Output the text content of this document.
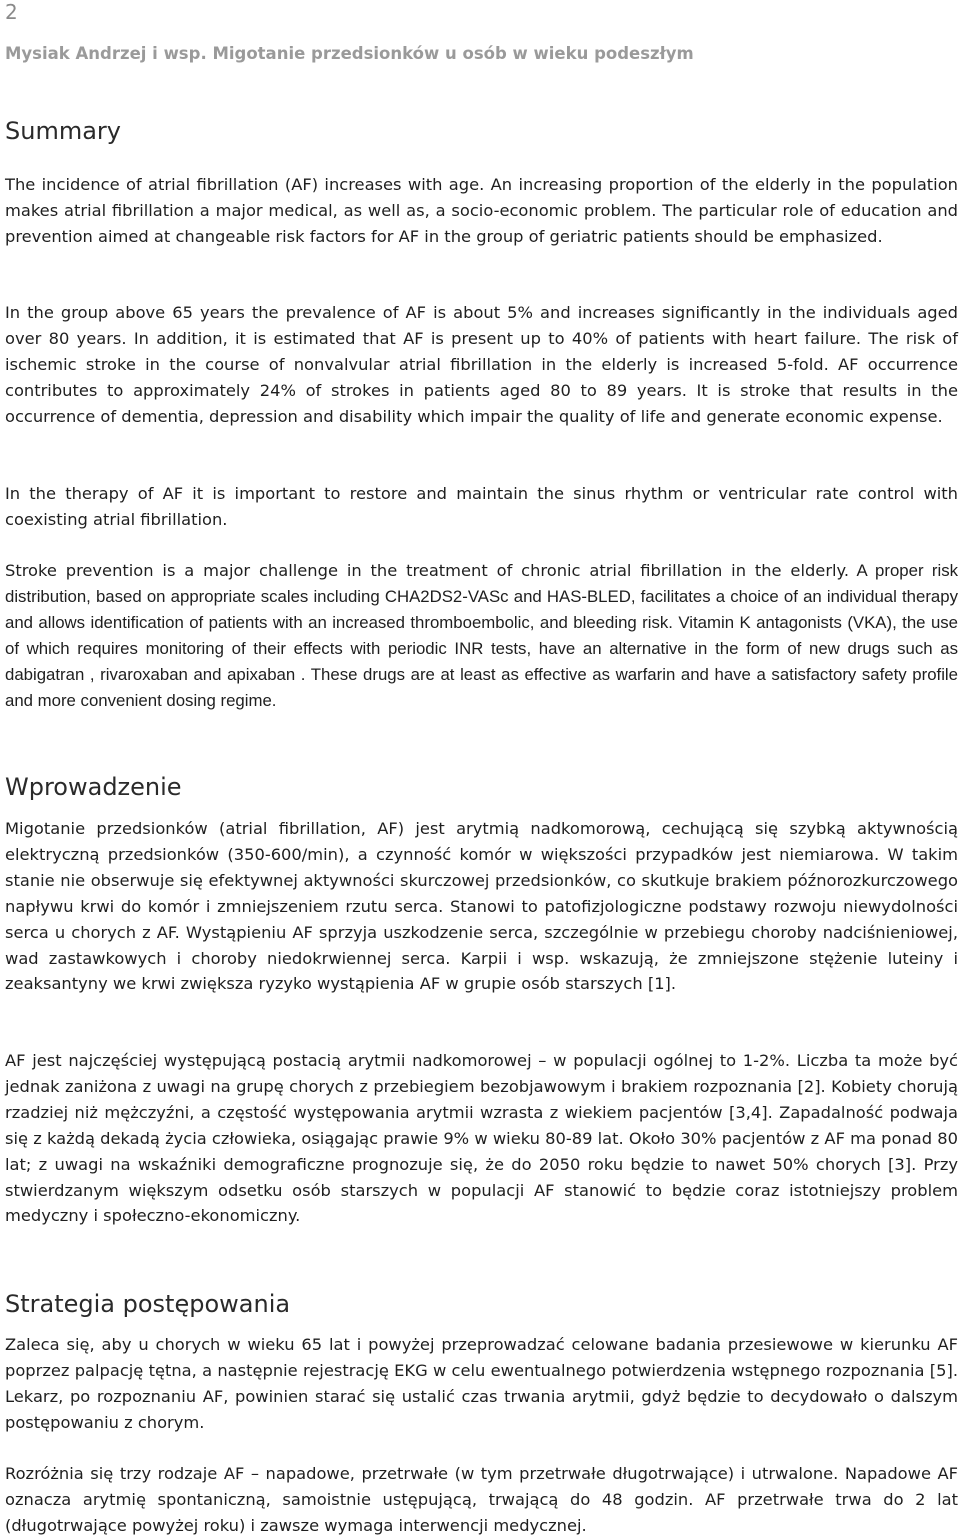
2
Mysiak Andrzej i wsp. Migotanie przedsionków u osób w wieku podeszłym
Summary

The incidence of atrial fibrillation (AF) increases with age. An increasing proportion of the elderly in the population makes atrial fibrillation a major medical, as well as, a socio-economic problem. The particular role of education and prevention aimed at changeable risk factors for AF in the group of geriatric patients should be emphasized.

In the group above 65 years the prevalence of AF is about 5% and increases significantly in the individuals aged over 80 years. In addition, it is estimated that AF is present up to 40% of patients with heart failure. The risk of ischemic stroke in the course of nonvalvular atrial fibrillation in the elderly is increased 5-fold. AF occurrence contributes to approximately 24% of strokes in patients aged 80 to 89 years. It is stroke that results in the occurrence of dementia, depression and disability which impair the quality of life and generate economic expense.

In the therapy of AF it is important to restore and maintain the sinus rhythm or ventricular rate control with coexisting atrial fibrillation.

Stroke prevention is a major challenge in the treatment of chronic atrial fibrillation in the elderly. A proper risk distribution, based on appropriate scales including CHA2DS2-VASc and HAS-BLED, facilitates a choice of an individual therapy and allows identification of patients with an increased thromboembolic, and bleeding risk. Vitamin K antagonists (VKA), the use of which requires monitoring of their effects with periodic INR tests, have an alternative in the form of new drugs such as dabigatran , rivaroxaban and apixaban . These drugs are at least as effective as warfarin and have a satisfactory safety profile and more convenient dosing regime.

Wprowadzenie

Migotanie przedsionków (atrial fibrillation, AF) jest arytmią nadkomorową, cechującą się szybką aktywnością elektryczną przedsionków (350-600/min), a czynność komór w większości przypadków jest niemiarowa. W takim stanie nie obserwuje się efektywnej aktywności skurczowej przedsionków, co skutkuje brakiem późnorozkurczowego napływu krwi do komór i zmniejszeniem rzutu serca. Stanowi to patofizjologiczne podstawy rozwoju niewydolności serca u chorych z AF. Wystąpieniu AF sprzyja uszkodzenie serca, szczególnie w przebiegu choroby nadciśnieniowej, wad zastawkowych i choroby niedokrwiennej serca. Karpii i wsp. wskazują, że zmniejszone stężenie luteiny i zeaksantyny we krwi zwiększa ryzyko wystąpienia AF w grupie osób starszych [1].

AF jest najczęściej występującą postacią arytmii nadkomorowej – w populacji ogólnej to 1-2%. Liczba ta może być jednak zaniżona z uwagi na grupę chorych z przebiegiem bezobjawowym i brakiem rozpoznania [2]. Kobiety chorują rzadziej niż mężczyźni, a częstość występowania arytmii wzrasta z wiekiem pacjentów [3,4]. Zapadalność podwaja się z każdą dekadą życia człowieka, osiągając prawie 9% w wieku 80-89 lat. Około 30% pacjentów z AF ma ponad 80 lat; z uwagi na wskaźniki demograficzne prognozuje się, że do 2050 roku będzie to nawet 50% chorych [3]. Przy stwierdzanym większym odsetku osób starszych w populacji AF stanowić to będzie coraz istotniejszy problem medyczny i społeczno-ekonomiczny.

Strategia postępowania

Zaleca się, aby u chorych w wieku 65 lat i powyżej przeprowadzać celowane badania przesiewowe w kierunku AF poprzez palpację tętna, a następnie rejestrację EKG w celu ewentualnego potwierdzenia wstępnego rozpoznania [5]. Lekarz, po rozpoznaniu AF, powinien starać się ustalić czas trwania arytmii, gdyż będzie to decydowało o dalszym postępowaniu z chorym.

Rozróżnia się trzy rodzaje AF – napadowe, przetrwałe (w tym przetrwałe długotrwające) i utrwalone. Napadowe AF oznacza arytmię spontaniczną, samoistnie ustępującą, trwającą do 48 godzin. AF przetrwałe trwa do 2 lat (długotrwające powyżej roku) i zawsze wymaga interwencji medycznej.
